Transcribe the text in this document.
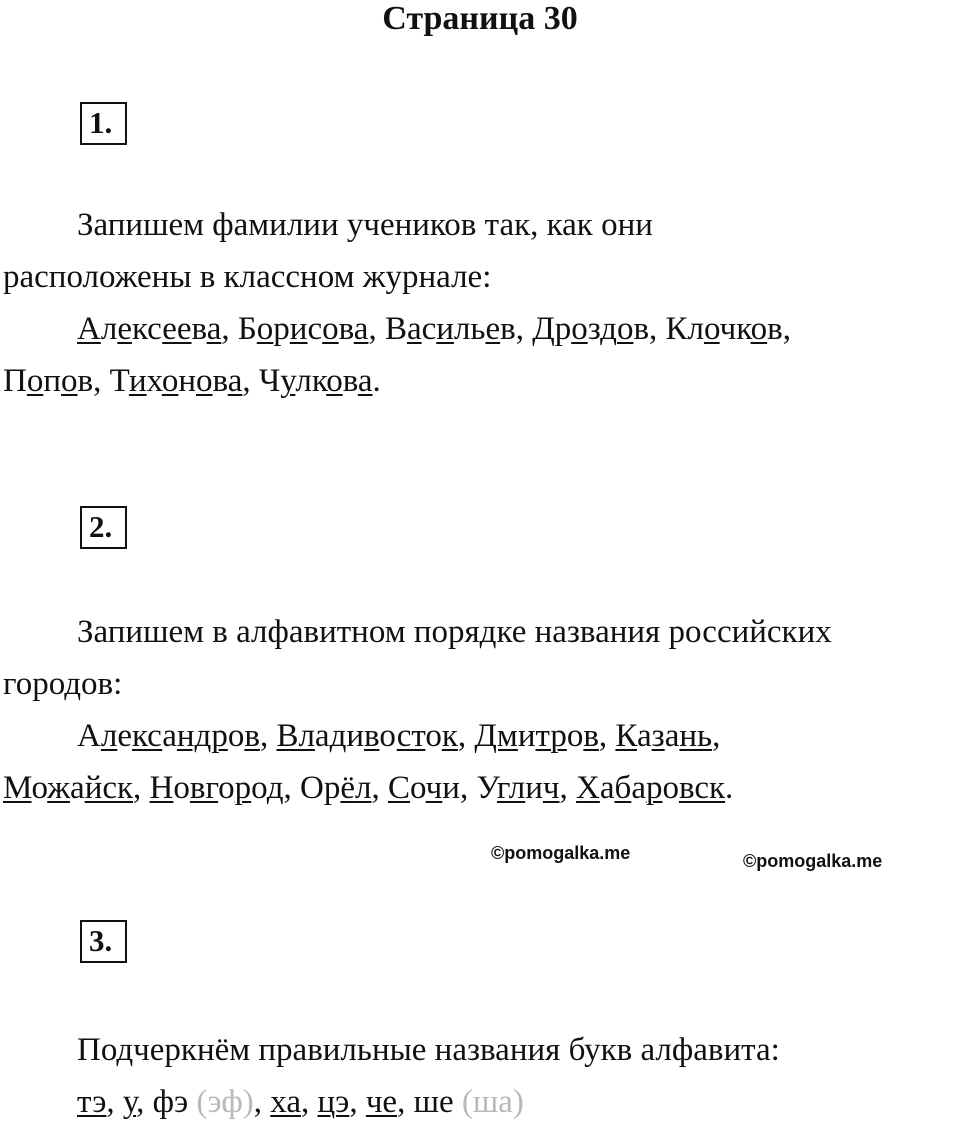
Страница 30
1.
Запишем фамилии учеников так, как они
расположены в классном журнале:
Алексеева, Борисова, Васильев, Дроздов, Клочков,
Попов, Тихонова, Чулкова.
2.
Запишем в алфавитном порядке названия российских
городов:
Александров, Владивосток, Дмитров, Казань,
Можайск, Новгород, Орёл, Сочи, Углич, Хабаровск.
©pomogalka.me	©pomogalka.me
3.
Подчеркнём правильные названия букв алфавита:
тэ, у, фэ (эф), ха, цэ, че, ше (ша)
